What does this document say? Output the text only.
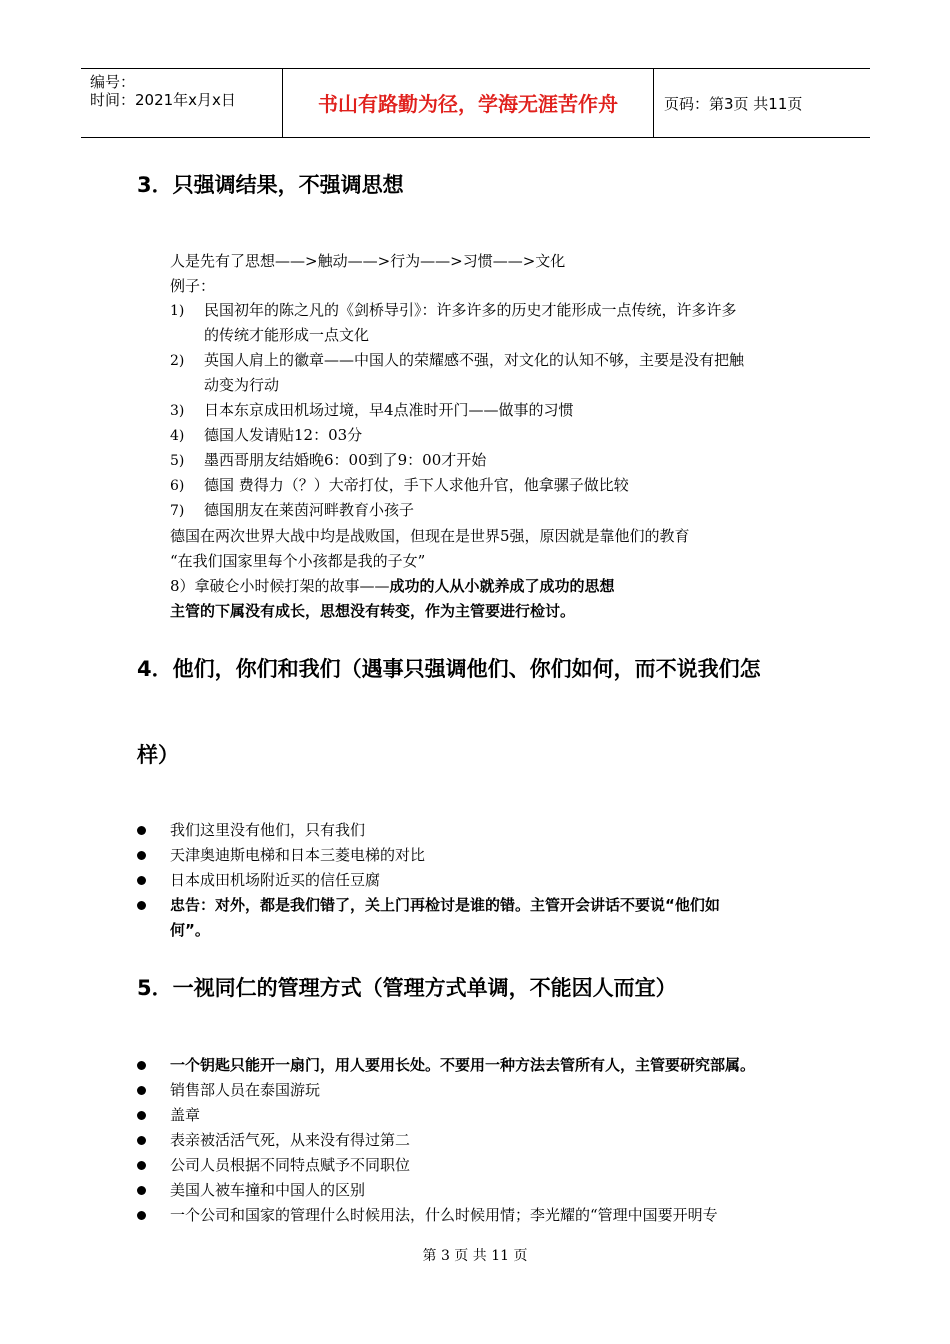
编号：
时间：2021年x月x日	书山有路勤为径，学海无涯苦作舟	页码：第3页 共11页
3．只强调结果，不强调思想
人是先有了思想——>触动——>行为——>习惯——>文化
例子：
1) 民国初年的陈之凡的《剑桥导引》：许多许多的历史才能形成一点传统，许多许多
的传统才能形成一点文化
2) 英国人肩上的徽章——中国人的荣耀感不强，对文化的认知不够，主要是没有把触
动变为行动
3) 日本东京成田机场过境，早4点准时开门——做事的习惯
4) 德国人发请贴12：03分
5) 墨西哥朋友结婚晚6：00到了9：00才开始
6) 德国 费得力（？）大帝打仗，手下人求他升官，他拿骡子做比较
7) 德国朋友在莱茵河畔教育小孩子
德国在两次世界大战中均是战败国，但现在是世界5强，原因就是靠他们的教育
“在我们国家里每个小孩都是我的子女”
8）拿破仑小时候打架的故事——成功的人从小就养成了成功的思想
主管的下属没有成长，思想没有转变，作为主管要进行检讨。
4．他们，你们和我们（遇事只强调他们、你们如何，而不说我们怎
样）
我们这里没有他们，只有我们
天津奥迪斯电梯和日本三菱电梯的对比
日本成田机场附近买的信任豆腐
忠告：对外，都是我们错了，关上门再检讨是谁的错。主管开会讲话不要说“他们如
何”。
5．一视同仁的管理方式（管理方式单调，不能因人而宜）
一个钥匙只能开一扇门，用人要用长处。不要用一种方法去管所有人，主管要研究部属。
销售部人员在泰国游玩
盖章
表亲被活活气死，从来没有得过第二
公司人员根据不同特点赋予不同职位
美国人被车撞和中国人的区别
一个公司和国家的管理什么时候用法，什么时候用情；李光耀的“管理中国要开明专
第 3 页 共 11 页
